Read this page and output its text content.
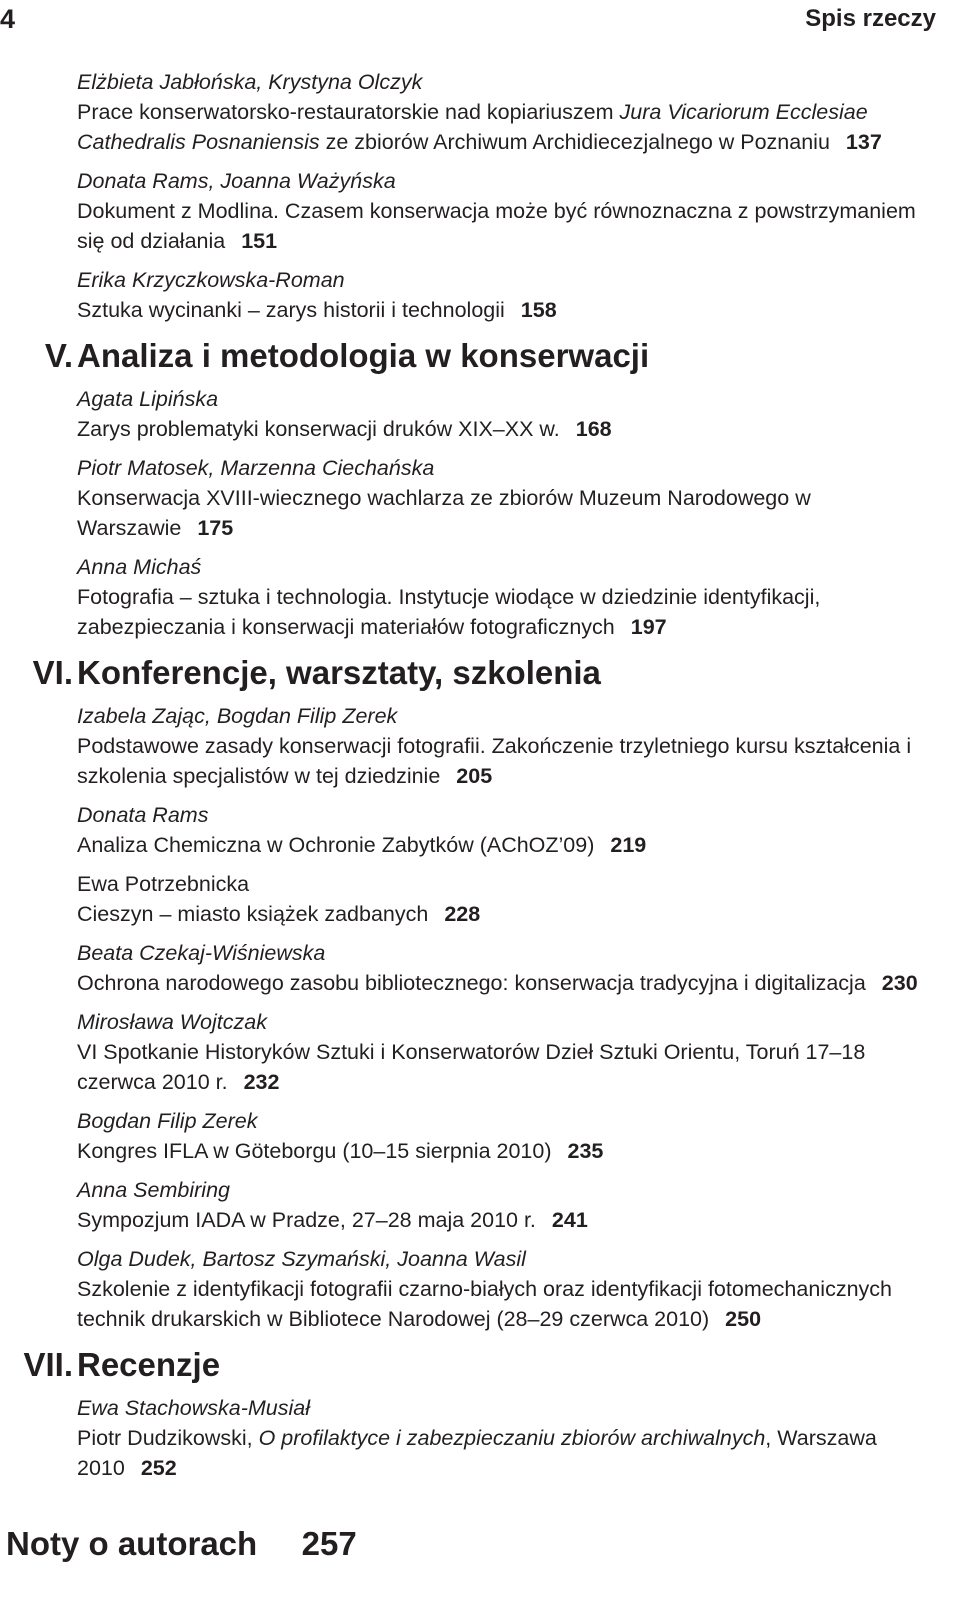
4	Spis rzeczy
Elżbieta Jabłońska, Krystyna Olczyk
Prace konserwatorsko-restauratorskie nad kopiariuszem Jura Vicariorum Ecclesiae Cathedralis Posnaniensis ze zbiorów Archiwum Archidiecezjalnego w Poznaniu 137
Donata Rams, Joanna Ważyńska
Dokument z Modlina. Czasem konserwacja może być równoznaczna z powstrzymaniem się od działania 151
Erika Krzyczkowska-Roman
Sztuka wycinanki – zarys historii i technologii 158
V. Analiza i metodologia w konserwacji
Agata Lipińska
Zarys problematyki konserwacji druków XIX–XX w. 168
Piotr Matosek, Marzenna Ciechańska
Konserwacja XVIII-wiecznego wachlarza ze zbiorów Muzeum Narodowego w Warszawie 175
Anna Michaś
Fotografia – sztuka i technologia. Instytucje wiodące w dziedzinie identyfikacji, zabezpieczania i konserwacji materiałów fotograficznych 197
VI. Konferencje, warsztaty, szkolenia
Izabela Zając, Bogdan Filip Zerek
Podstawowe zasady konserwacji fotografii. Zakończenie trzyletniego kursu kształcenia i szkolenia specjalistów w tej dziedzinie 205
Donata Rams
Analiza Chemiczna w Ochronie Zabytków (AChOZ’09) 219
Ewa Potrzebnicka
Cieszyn – miasto książek zadbanych 228
Beata Czekaj-Wiśniewska
Ochrona narodowego zasobu bibliotecznego: konserwacja tradycyjna i digitalizacja 230
Mirosława Wojtczak
VI Spotkanie Historyków Sztuki i Konserwatorów Dzieł Sztuki Orientu, Toruń 17–18 czerwca 2010 r. 232
Bogdan Filip Zerek
Kongres IFLA w Göteborgu (10–15 sierpnia 2010) 235
Anna Sembiring
Sympozjum IADA w Pradze, 27–28 maja 2010 r. 241
Olga Dudek, Bartosz Szymański, Joanna Wasil
Szkolenie z identyfikacji fotografii czarno-białych oraz identyfikacji fotomechanicznych technik drukarskich w Bibliotece Narodowej (28–29 czerwca 2010) 250
VII. Recenzje
Ewa Stachowska-Musiał
Piotr Dudzikowski, O profilaktyce i zabezpieczaniu zbiorów archiwalnych, Warszawa 2010 252
Noty o autorach 257
